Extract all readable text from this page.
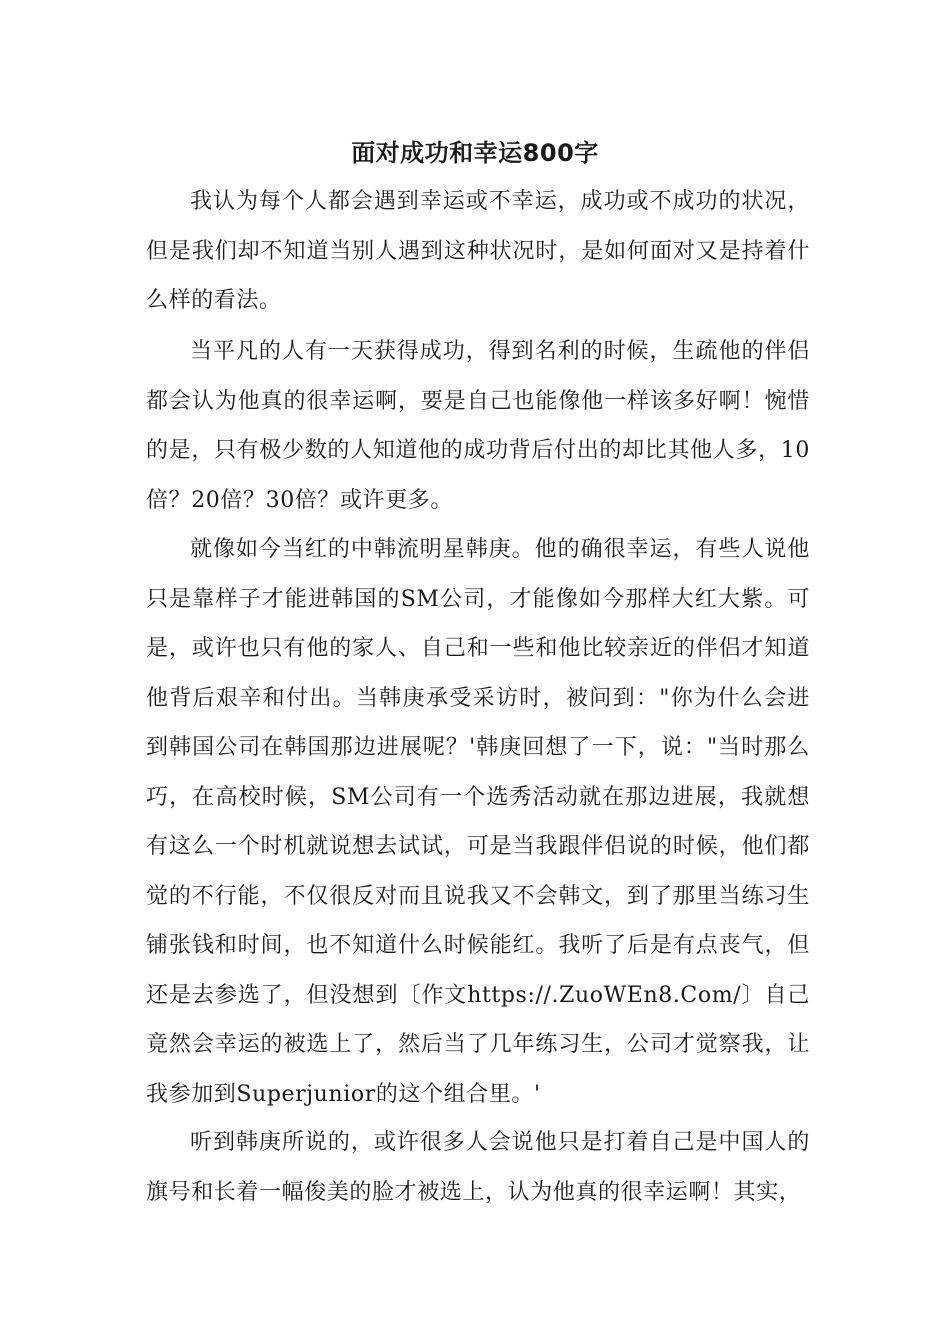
面对成功和幸运800字

我认为每个人都会遇到幸运或不幸运，成功或不成功的状况，但是我们却不知道当别人遇到这种状况时，是如何面对又是持着什么样的看法。

当平凡的人有一天获得成功，得到名利的时候，生疏他的伴侣都会认为他真的很幸运啊，要是自己也能像他一样该多好啊！惋惜的是，只有极少数的人知道他的成功背后付出的却比其他人多，10倍？20倍？30倍？或许更多。

就像如今当红的中韩流明星韩庚。他的确很幸运，有些人说他只是靠样子才能进韩国的SM公司，才能像如今那样大红大紫。可是，或许也只有他的家人、自己和一些和他比较亲近的伴侣才知道他背后艰辛和付出。当韩庚承受采访时，被问到："你为什么会进到韩国公司在韩国那边进展呢？'韩庚回想了一下，说："当时那么巧，在高校时候，SM公司有一个选秀活动就在那边进展，我就想有这么一个时机就说想去试试，可是当我跟伴侣说的时候，他们都觉的不行能，不仅很反对而且说我又不会韩文，到了那里当练习生铺张钱和时间，也不知道什么时候能红。我听了后是有点丧气，但还是去参选了，但没想到〔作文https://.ZuoWEn8.Com/〕自己竟然会幸运的被选上了，然后当了几年练习生，公司才觉察我，让我参加到Superjunior的这个组合里。'

听到韩庚所说的，或许很多人会说他只是打着自己是中国人的旗号和长着一幅俊美的脸才被选上，认为他真的很幸运啊！其实，
